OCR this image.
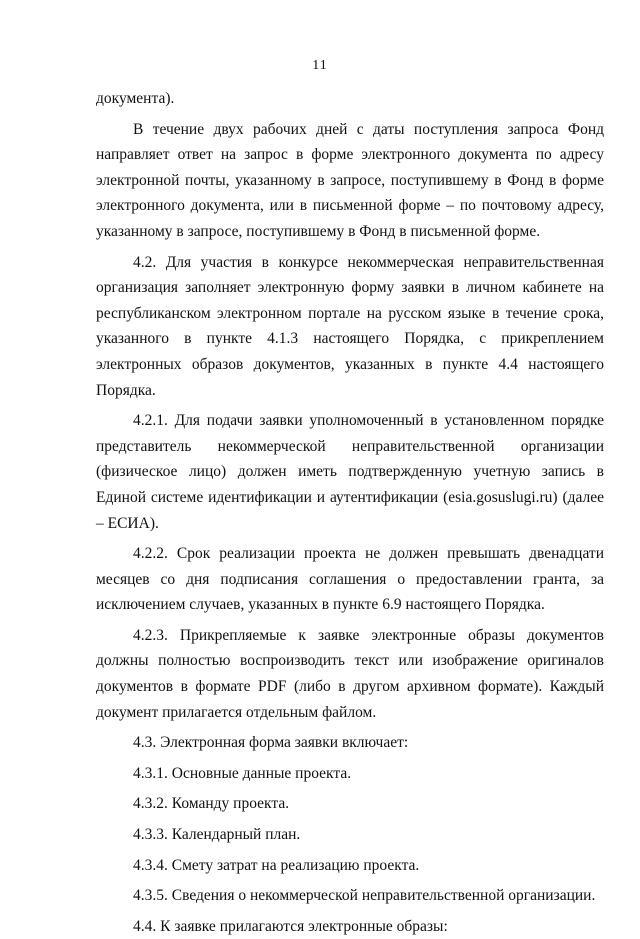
11

документа).

В течение двух рабочих дней с даты поступления запроса Фонд направляет ответ на запрос в форме электронного документа по адресу электронной почты, указанному в запросе, поступившему в Фонд в форме электронного документа, или в письменной форме – по почтовому адресу, указанному в запросе, поступившему в Фонд в письменной форме.

4.2. Для участия в конкурсе некоммерческая неправительственная организация заполняет электронную форму заявки в личном кабинете на республиканском электронном портале на русском языке в течение срока, указанного в пункте 4.1.3 настоящего Порядка, с прикреплением электронных образов документов, указанных в пункте 4.4 настоящего Порядка.

4.2.1. Для подачи заявки уполномоченный в установленном порядке представитель некоммерческой неправительственной организации (физическое лицо) должен иметь подтвержденную учетную запись в Единой системе идентификации и аутентификации (esia.gosuslugi.ru) (далее – ЕСИА).

4.2.2. Срок реализации проекта не должен превышать двенадцати месяцев со дня подписания соглашения о предоставлении гранта, за исключением случаев, указанных в пункте 6.9 настоящего Порядка.

4.2.3. Прикрепляемые к заявке электронные образы документов должны полностью воспроизводить текст или изображение оригиналов документов в формате PDF (либо в другом архивном формате). Каждый документ прилагается отдельным файлом.

4.3. Электронная форма заявки включает:

4.3.1. Основные данные проекта.

4.3.2. Команду проекта.

4.3.3. Календарный план.

4.3.4. Смету затрат на реализацию проекта.

4.3.5. Сведения о некоммерческой неправительственной организации.

4.4. К заявке прилагаются электронные образы:
